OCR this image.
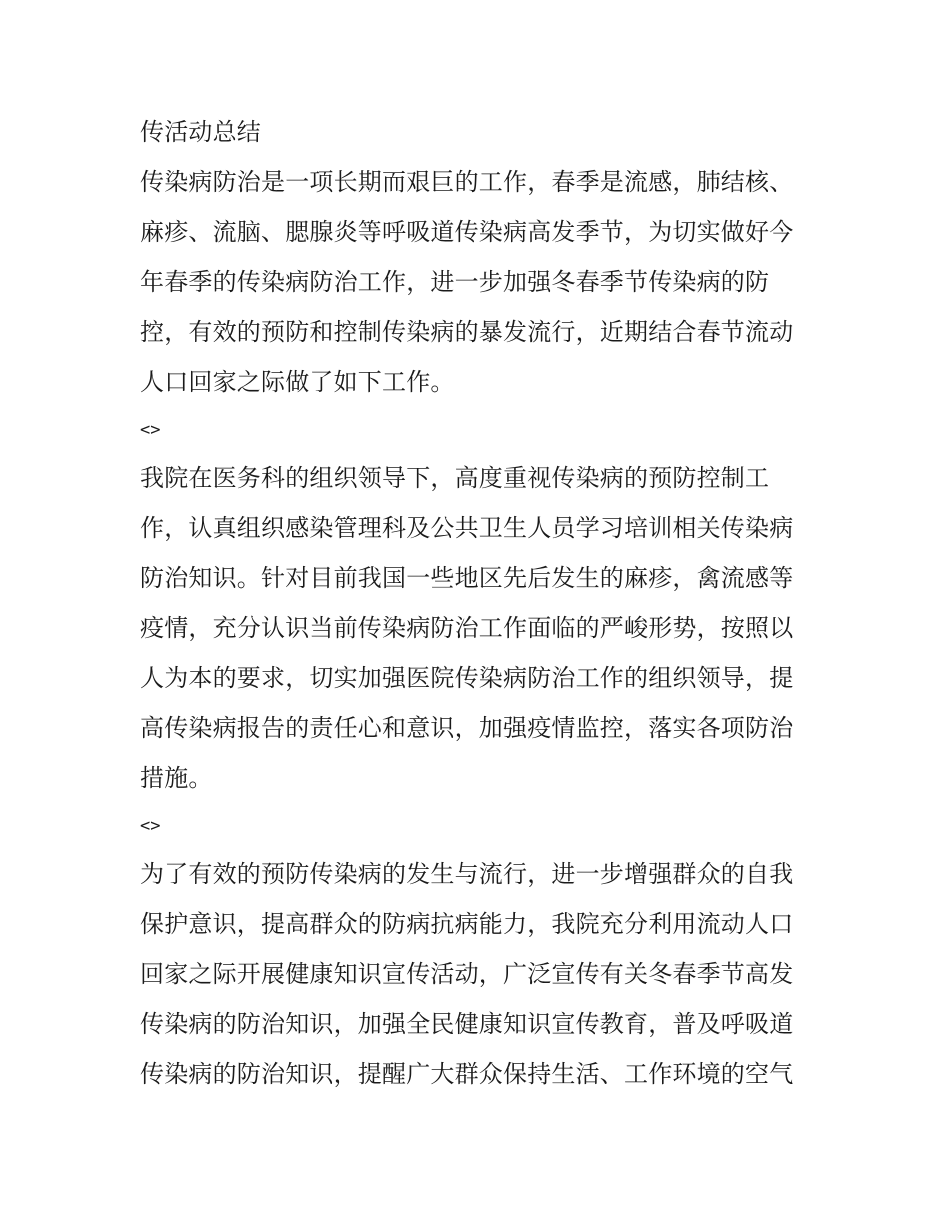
传活动总结
传染病防治是一项长期而艰巨的工作，春季是流感，肺结核、
麻疹、流脑、腮腺炎等呼吸道传染病高发季节，为切实做好今
年春季的传染病防治工作，进一步加强冬春季节传染病的防
控，有效的预防和控制传染病的暴发流行，近期结合春节流动
人口回家之际做了如下工作。
<>
我院在医务科的组织领导下，高度重视传染病的预防控制工
作，认真组织感染管理科及公共卫生人员学习培训相关传染病
防治知识。针对目前我国一些地区先后发生的麻疹，禽流感等
疫情，充分认识当前传染病防治工作面临的严峻形势，按照以
人为本的要求，切实加强医院传染病防治工作的组织领导，提
高传染病报告的责任心和意识，加强疫情监控，落实各项防治
措施。
<>
为了有效的预防传染病的发生与流行，进一步增强群众的自我
保护意识，提高群众的防病抗病能力，我院充分利用流动人口
回家之际开展健康知识宣传活动，广泛宣传有关冬春季节高发
传染病的防治知识，加强全民健康知识宣传教育，普及呼吸道
传染病的防治知识，提醒广大群众保持生活、工作环境的空气
